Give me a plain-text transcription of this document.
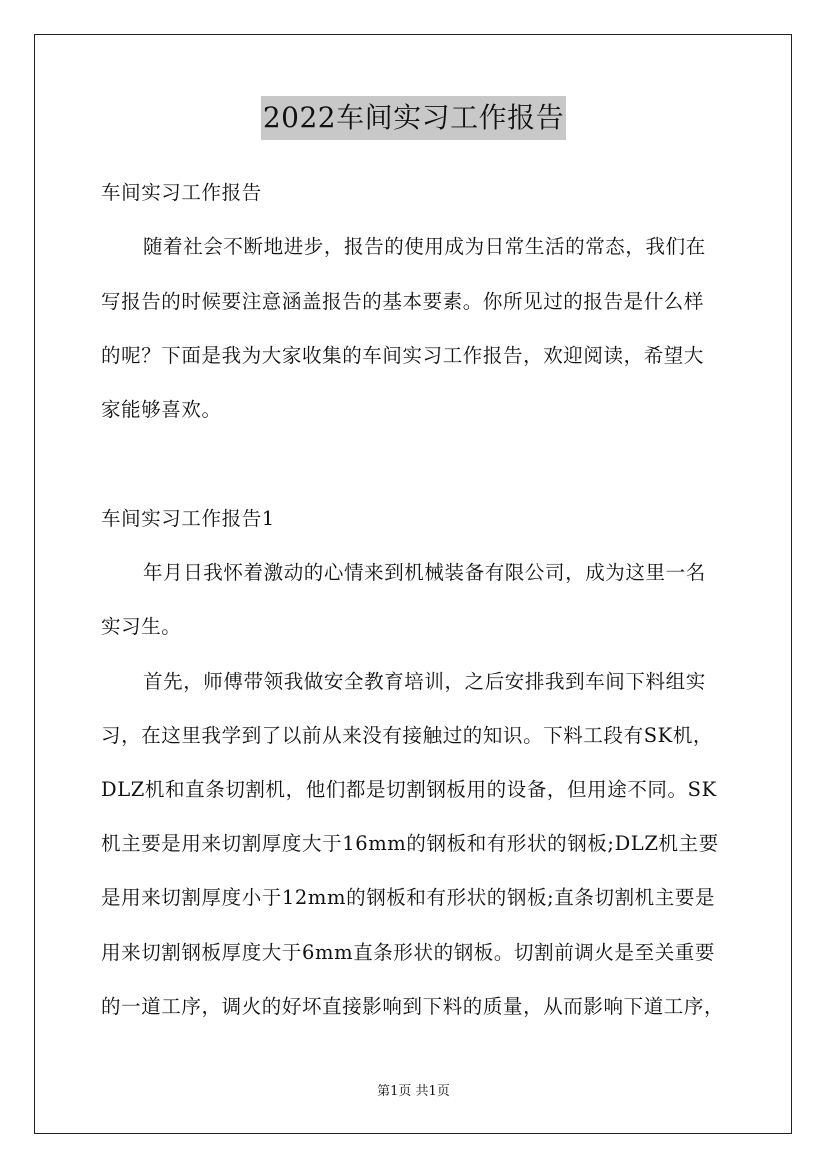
2022车间实习工作报告
车间实习工作报告
随着社会不断地进步，报告的使用成为日常生活的常态，我们在
写报告的时候要注意涵盖报告的基本要素。你所见过的报告是什么样
的呢？下面是我为大家收集的车间实习工作报告，欢迎阅读，希望大
家能够喜欢。
车间实习工作报告1
年月日我怀着激动的心情来到机械装备有限公司，成为这里一名
实习生。
首先，师傅带领我做安全教育培训，之后安排我到车间下料组实
习，在这里我学到了以前从来没有接触过的知识。下料工段有SK机，
DLZ机和直条切割机，他们都是切割钢板用的设备，但用途不同。SK
机主要是用来切割厚度大于16mm的钢板和有形状的钢板;DLZ机主要
是用来切割厚度小于12mm的钢板和有形状的钢板;直条切割机主要是
用来切割钢板厚度大于6mm直条形状的钢板。切割前调火是至关重要
的一道工序，调火的好坏直接影响到下料的质量，从而影响下道工序，
第1页 共1页
